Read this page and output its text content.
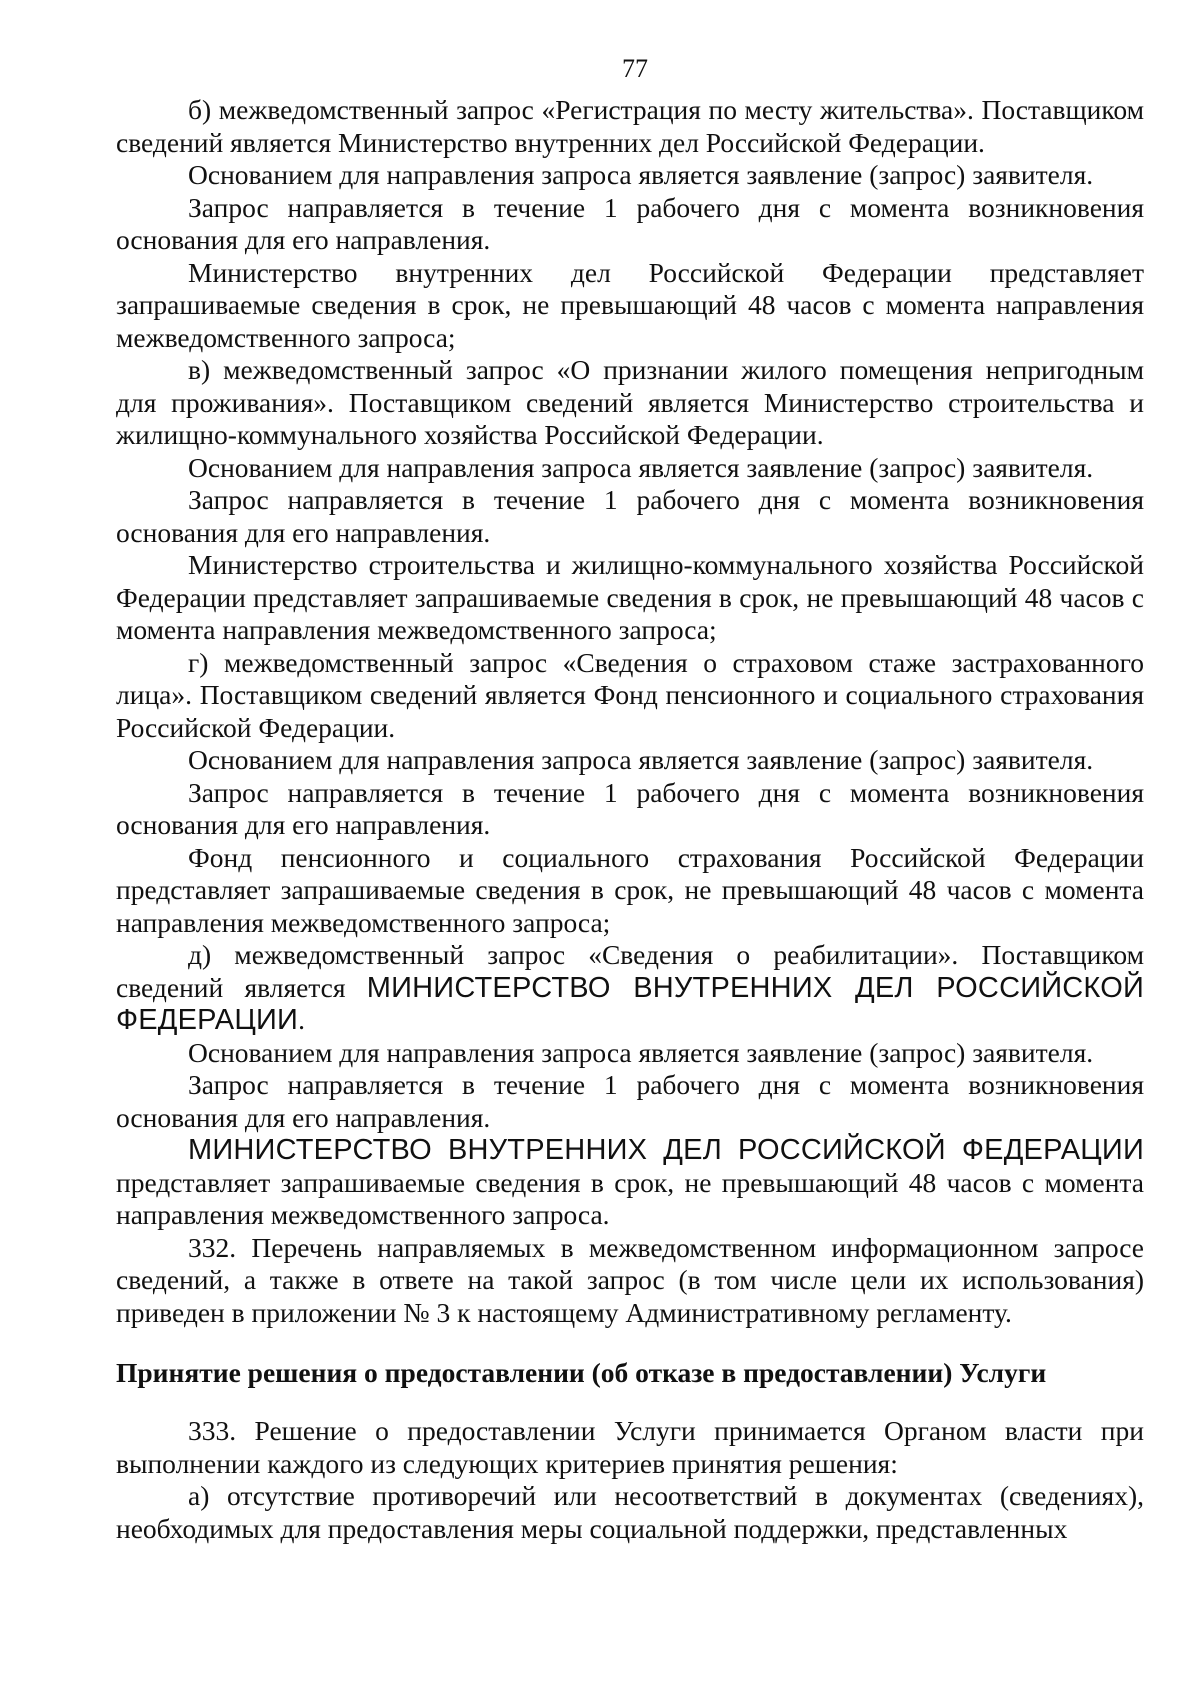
77

б) межведомственный запрос «Регистрация по месту жительства». Поставщиком сведений является Министерство внутренних дел Российской Федерации.

Основанием для направления запроса является заявление (запрос) заявителя.

Запрос направляется в течение 1 рабочего дня с момента возникновения основания для его направления.

Министерство внутренних дел Российской Федерации представляет запрашиваемые сведения в срок, не превышающий 48 часов с момента направления межведомственного запроса;

в) межведомственный запрос «О признании жилого помещения непригодным для проживания». Поставщиком сведений является Министерство строительства и жилищно-коммунального хозяйства Российской Федерации.

Основанием для направления запроса является заявление (запрос) заявителя.

Запрос направляется в течение 1 рабочего дня с момента возникновения основания для его направления.

Министерство строительства и жилищно-коммунального хозяйства Российской Федерации представляет запрашиваемые сведения в срок, не превышающий 48 часов с момента направления межведомственного запроса;

г) межведомственный запрос «Сведения о страховом стаже застрахованного лица». Поставщиком сведений является Фонд пенсионного и социального страхования Российской Федерации.

Основанием для направления запроса является заявление (запрос) заявителя.

Запрос направляется в течение 1 рабочего дня с момента возникновения основания для его направления.

Фонд пенсионного и социального страхования Российской Федерации представляет запрашиваемые сведения в срок, не превышающий 48 часов с момента направления межведомственного запроса;

д) межведомственный запрос «Сведения о реабилитации». Поставщиком сведений является МИНИСТЕРСТВО ВНУТРЕННИХ ДЕЛ РОССИЙСКОЙ ФЕДЕРАЦИИ.

Основанием для направления запроса является заявление (запрос) заявителя.

Запрос направляется в течение 1 рабочего дня с момента возникновения основания для его направления.

МИНИСТЕРСТВО ВНУТРЕННИХ ДЕЛ РОССИЙСКОЙ ФЕДЕРАЦИИ представляет запрашиваемые сведения в срок, не превышающий 48 часов с момента направления межведомственного запроса.

332. Перечень направляемых в межведомственном информационном запросе сведений, а также в ответе на такой запрос (в том числе цели их использования) приведен в приложении № 3 к настоящему Административному регламенту.

Принятие решения о предоставлении (об отказе в предоставлении) Услуги

333. Решение о предоставлении Услуги принимается Органом власти при выполнении каждого из следующих критериев принятия решения:

а) отсутствие противоречий или несоответствий в документах (сведениях), необходимых для предоставления меры социальной поддержки, представленных
